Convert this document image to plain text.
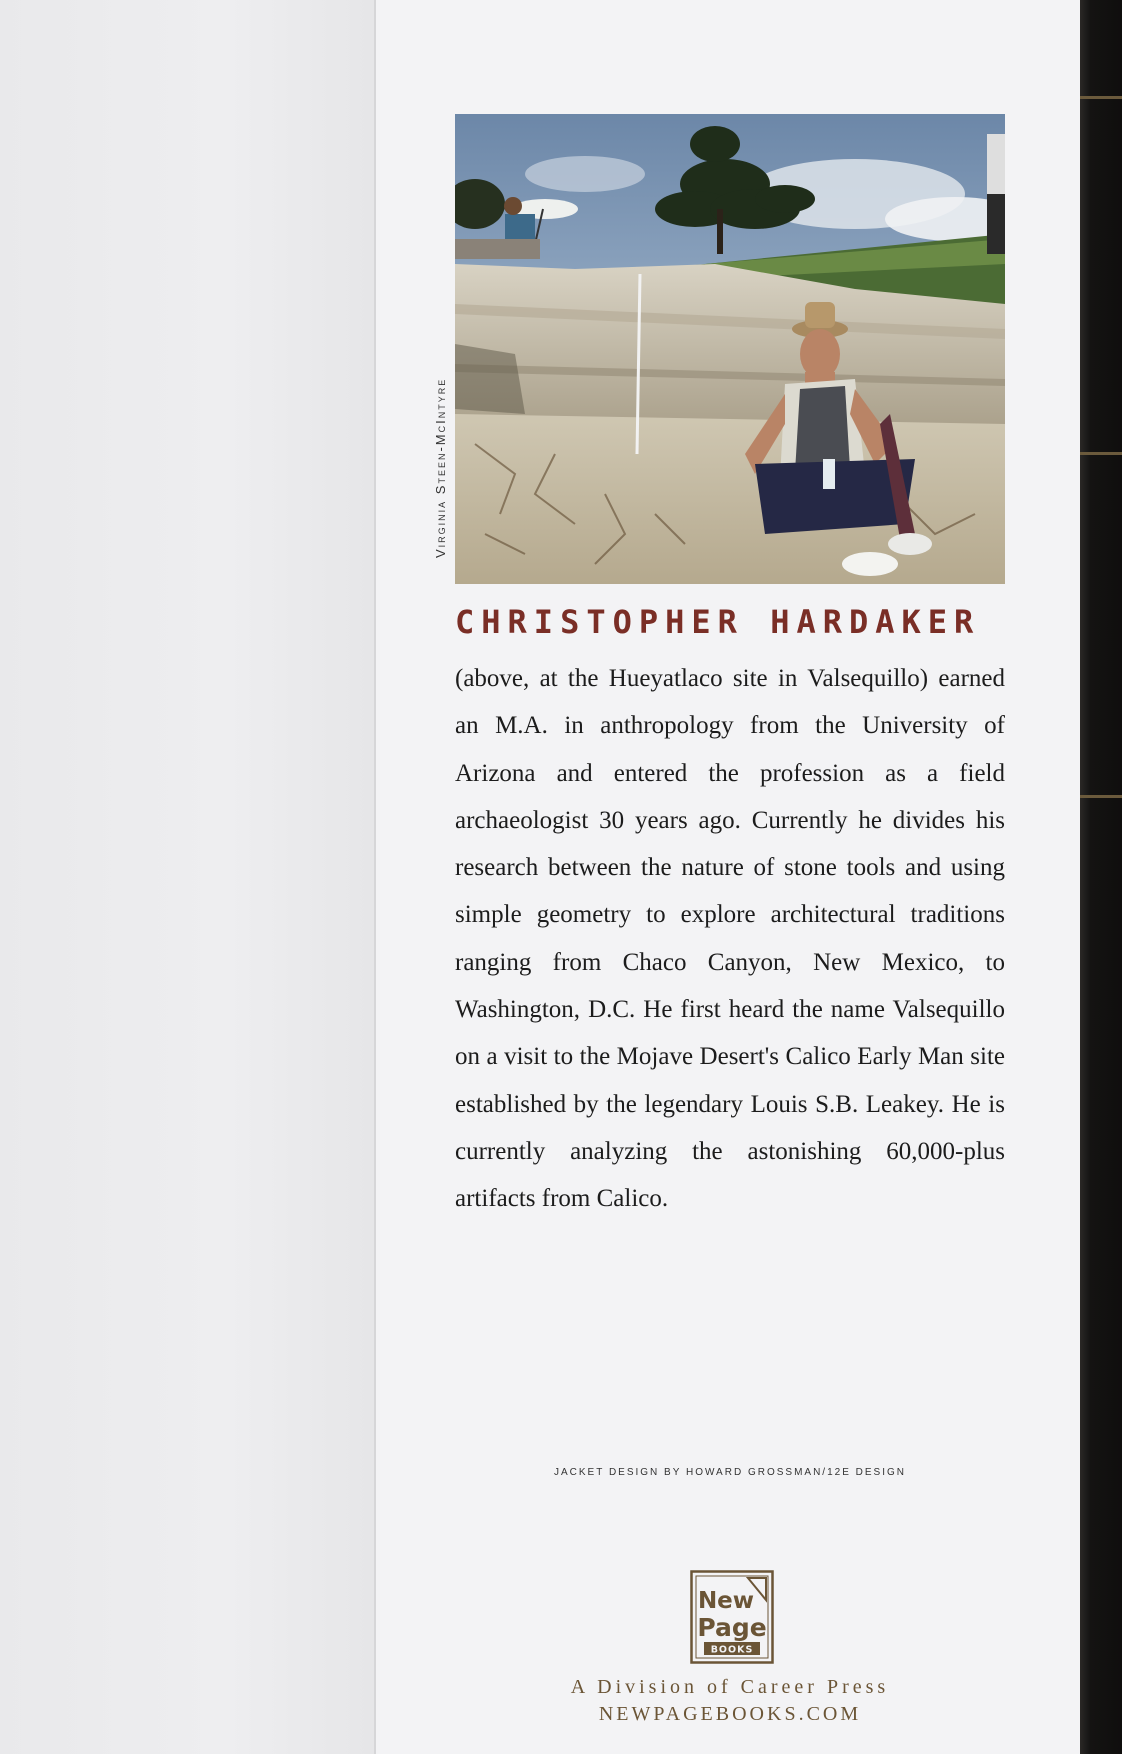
Virginia Steen-McIntyre
CHRISTOPHER HARDAKER

(above, at the Hueyatlaco site in Valsequillo) earned an M.A. in anthropology from the University of Arizona and entered the profession as a field archaeologist 30 years ago. Currently he divides his research between the nature of stone tools and using simple geometry to explore architectural traditions ranging from Chaco Canyon, New Mexico, to Washington, D.C. He first heard the name Valsequillo on a visit to the Mojave Desert's Calico Early Man site established by the legendary Louis S.B. Leakey. He is currently analyzing the astonishing 60,000-plus artifacts from Calico.

JACKET DESIGN BY HOWARD GROSSMAN/12E DESIGN
New
Page
BOOKS
A Division of Career Press
NEWPAGEBOOKS.COM
